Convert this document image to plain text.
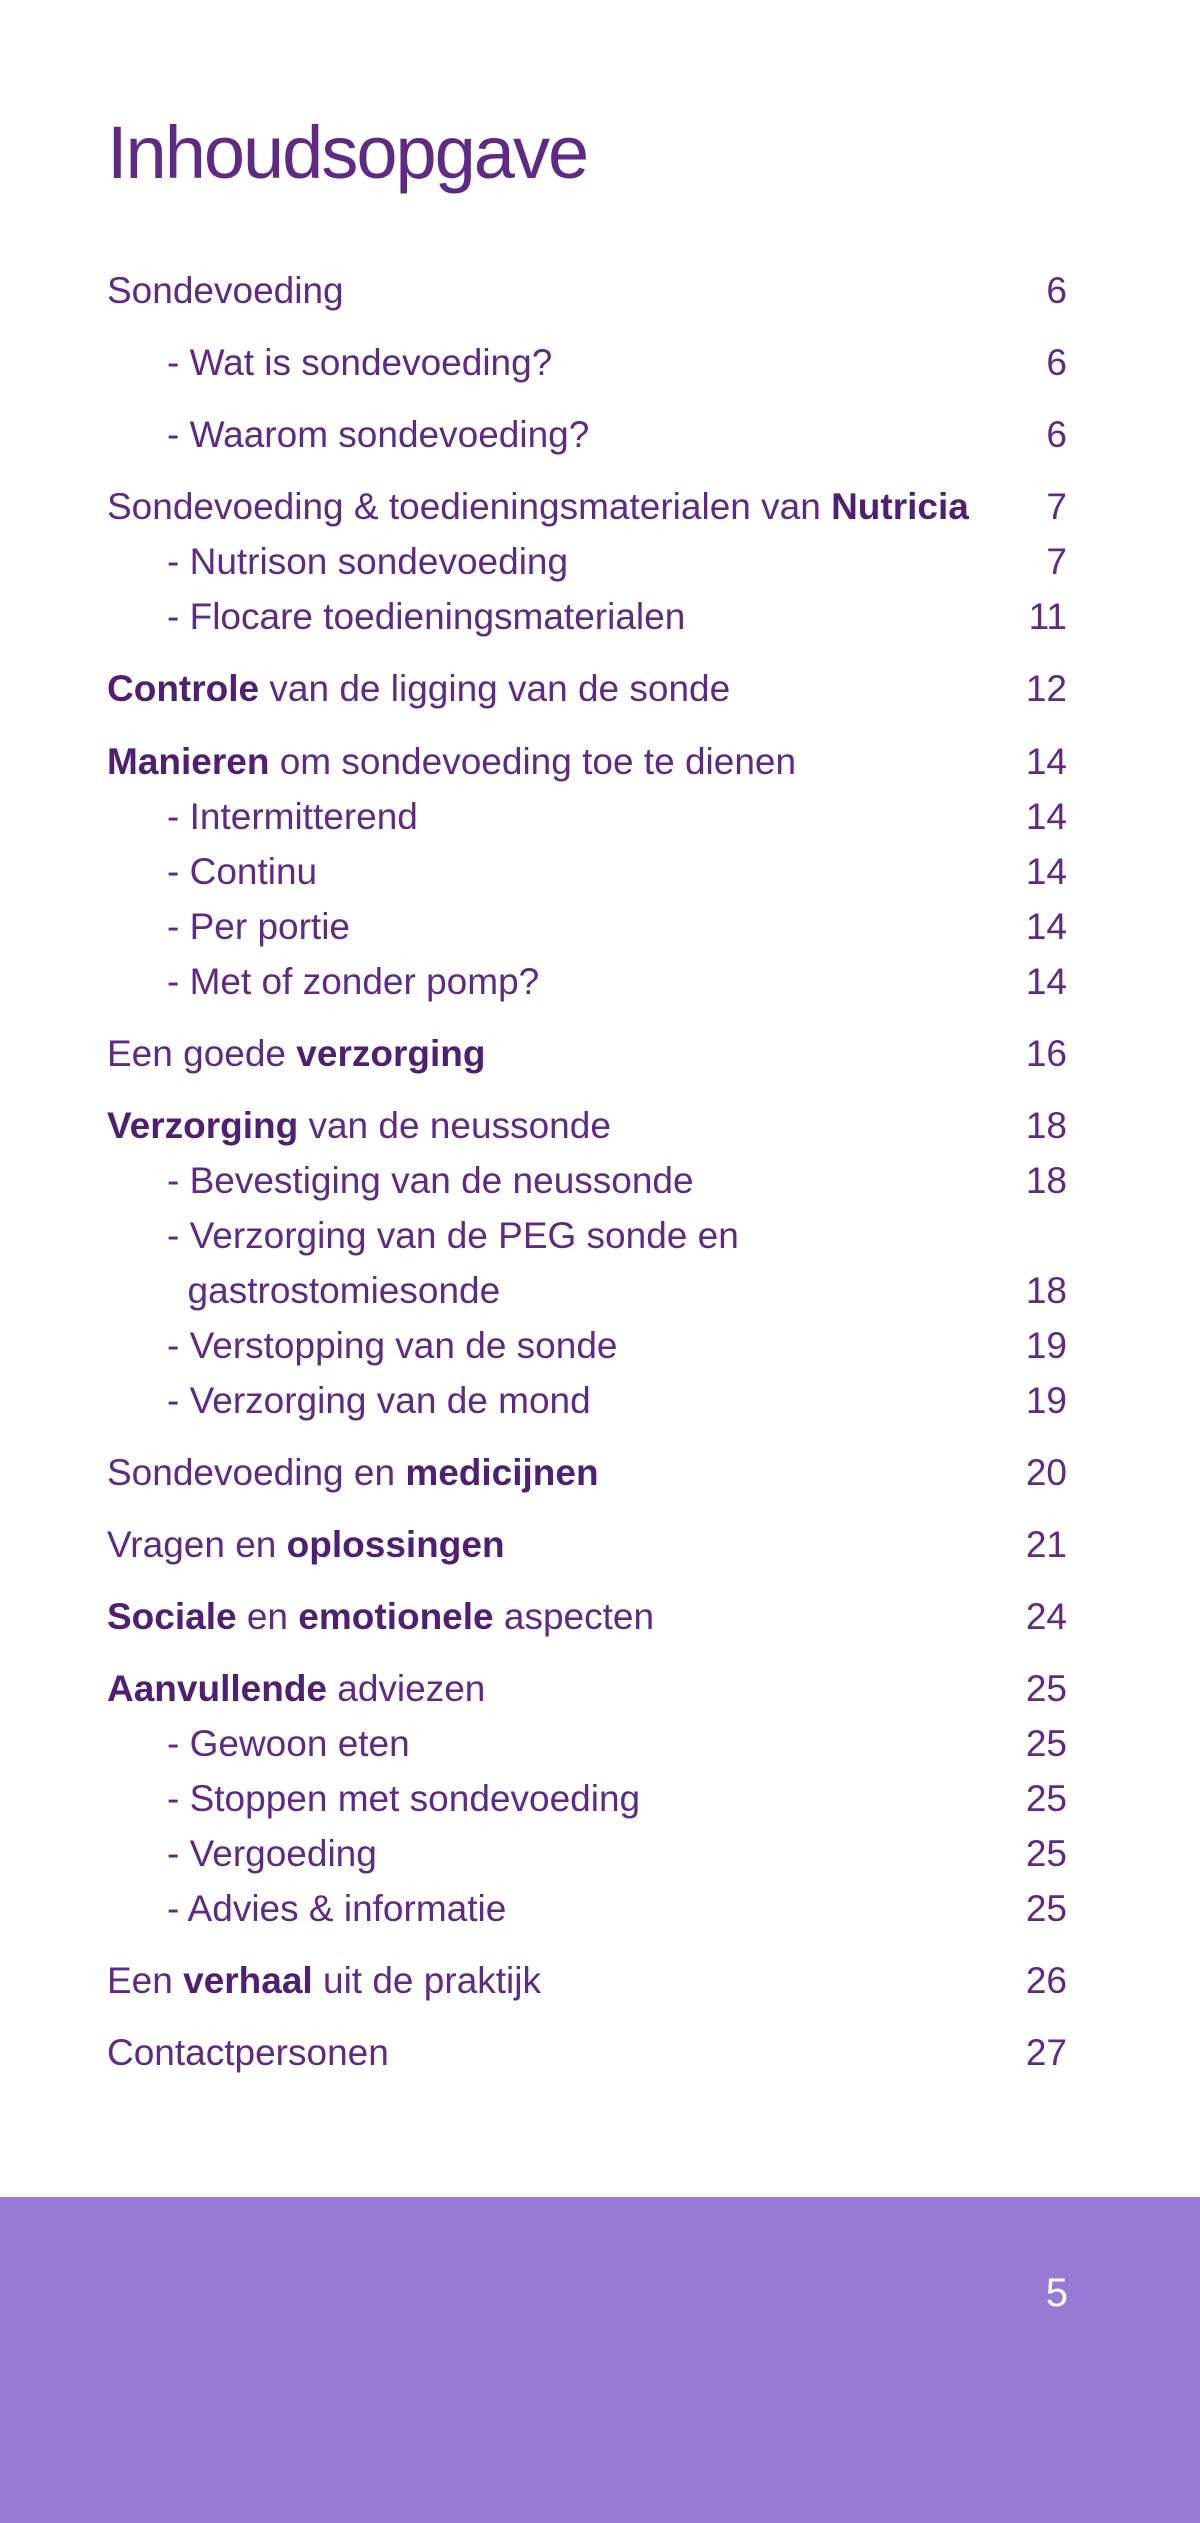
Inhoudsopgave
Sondevoeding	6
- Wat is sondevoeding?	6
- Waarom sondevoeding?	6
Sondevoeding & toedieningsmaterialen van Nutricia	7
- Nutrison sondevoeding	7
- Flocare toedieningsmaterialen	11
Controle van de ligging van de sonde	12
Manieren om sondevoeding toe te dienen	14
- Intermitterend	14
- Continu	14
- Per portie	14
- Met of zonder pomp?	14
Een goede verzorging	16
Verzorging van de neussonde	18
- Bevestiging van de neussonde	18
- Verzorging van de PEG sonde en
gastrostomiesonde	18
- Verstopping van de sonde	19
- Verzorging van de mond	19
Sondevoeding en medicijnen	20
Vragen en oplossingen	21
Sociale en emotionele aspecten	24
Aanvullende adviezen	25
- Gewoon eten	25
- Stoppen met sondevoeding	25
- Vergoeding	25
- Advies & informatie	25
Een verhaal uit de praktijk	26
Contactpersonen	27
5
